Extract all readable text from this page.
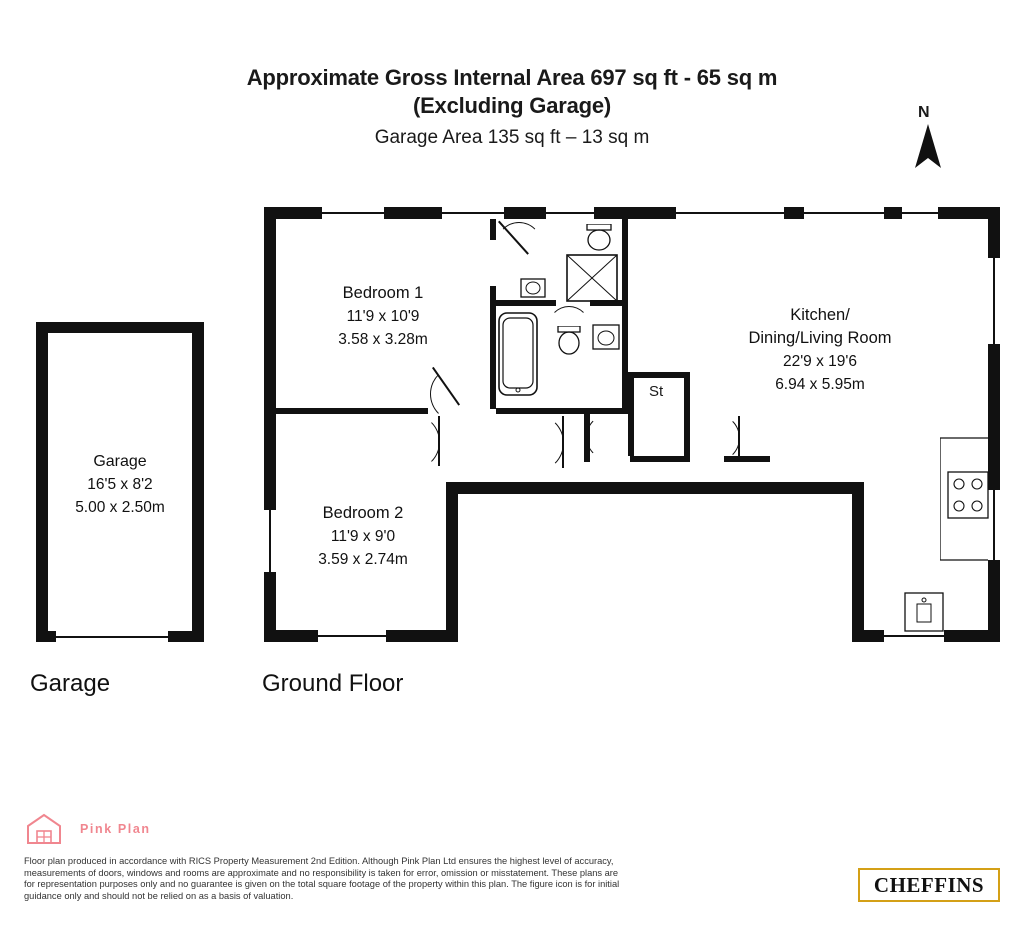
Approximate Gross Internal Area 697 sq ft - 65 sq m
(Excluding Garage)
Garage Area 135 sq ft – 13 sq m
N
Garage
16'5 x 8'2
5.00 x 2.50m
Garage
St
Bedroom 1
11'9 x 10'9
3.58 x 3.28m
Bedroom 2
11'9 x 9'0
3.59 x 2.74m
Kitchen/
Dining/Living Room
22'9 x 19'6
6.94 x 5.95m
Ground Floor
Pink Plan
Floor plan produced in accordance with RICS Property Measurement 2nd Edition. Although Pink Plan Ltd ensures the highest level of accuracy, measurements of doors, windows and rooms are approximate and no responsibility is taken for error, omission or misstatement. These plans are for representation purposes only and no guarantee is given on the total square footage of the property within this plan. The figure icon is for initial guidance only and should not be relied on as a basis of valuation.	CHEFFINS
